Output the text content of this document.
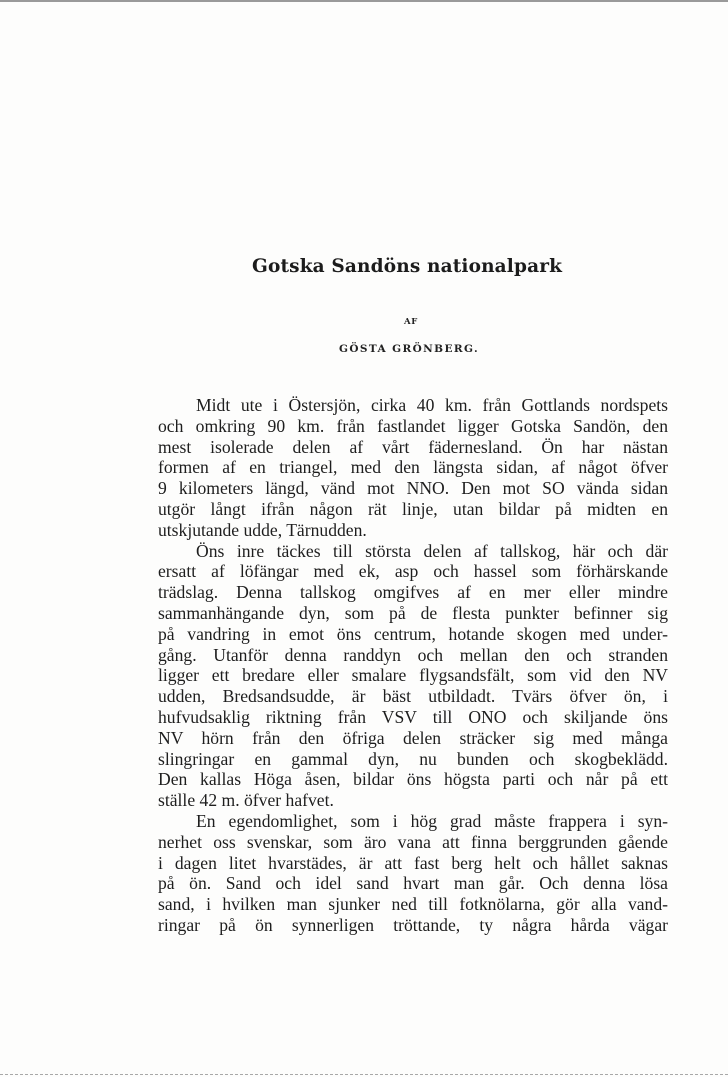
Gotska Sandöns nationalpark
AF
GÖSTA GRÖNBERG.
Midt ute i Östersjön, cirka 40 km. från Gottlands nordspets
och omkring 90 km. från fastlandet ligger Gotska Sandön, den
mest isolerade delen af vårt fädernesland. Ön har nästan
formen af en triangel, med den längsta sidan, af något öfver
9 kilometers längd, vänd mot NNO. Den mot SO vända sidan
utgör långt ifrån någon rät linje, utan bildar på midten en
utskjutande udde, Tärnudden.
Öns inre täckes till största delen af tallskog, här och där
ersatt af löfängar med ek, asp och hassel som förhärskande
trädslag. Denna tallskog omgifves af en mer eller mindre
sammanhängande dyn, som på de flesta punkter befinner sig
på vandring in emot öns centrum, hotande skogen med under-
gång. Utanför denna randdyn och mellan den och stranden
ligger ett bredare eller smalare flygsandsfält, som vid den NV
udden, Bredsandsudde, är bäst utbildadt. Tvärs öfver ön, i
hufvudsaklig riktning från VSV till ONO och skiljande öns
NV hörn från den öfriga delen sträcker sig med många
slingringar en gammal dyn, nu bunden och skogbeklädd.
Den kallas Höga åsen, bildar öns högsta parti och når på ett
ställe 42 m. öfver hafvet.
En egendomlighet, som i hög grad måste frappera i syn-
nerhet oss svenskar, som äro vana att finna berggrunden gående
i dagen litet hvarstädes, är att fast berg helt och hållet saknas
på ön. Sand och idel sand hvart man går. Och denna lösa
sand, i hvilken man sjunker ned till fotknölarna, gör alla vand-
ringar på ön synnerligen tröttande, ty några hårda vägar
